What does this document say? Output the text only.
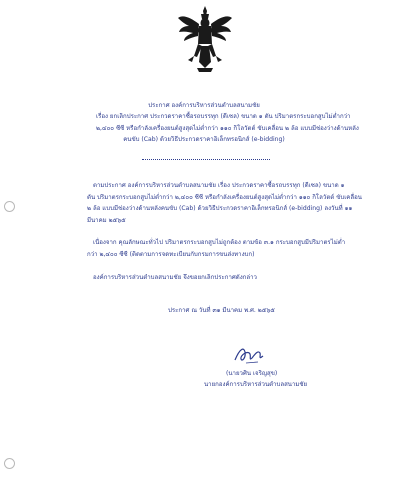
ประกาศ องค์การบริหารส่วนตำบลสนามชัย
เรื่อง ยกเลิกประกาศ ประกวดราคาซื้อรถบรรทุก (ดีเซล) ขนาด ๑ ตัน ปริมาตรกระบอกสูบไม่ต่ำกว่า
๒,๔๐๐ ซีซี หรือกำลังเครื่องยนต์สูงสุดไม่ต่ำกว่า ๑๑๐ กิโลวัตต์ ขับเคลื่อน ๒ ล้อ แบบมีช่องว่างด้านหลัง
คนขับ (Cab) ด้วยวิธีประกวดราคาอิเล็กทรอนิกส์ (e-bidding)
ตามประกาศ องค์การบริหารส่วนตำบลสนามชัย เรื่อง ประกวดราคาซื้อรถบรรทุก (ดีเซล) ขนาด ๑
ตัน ปริมาตรกระบอกสูบไม่ต่ำกว่า ๒,๔๐๐ ซีซี หรือกำลังเครื่องยนต์สูงสุดไม่ต่ำกว่า ๑๑๐ กิโลวัตต์ ขับเคลื่อน
๒ ล้อ แบบมีช่องว่างด้านหลังคนขับ (Cab) ด้วยวิธีประกวดราคาอิเล็กทรอนิกส์ (e-bidding) ลงวันที่ ๑๑
มีนาคม ๒๕๖๕
เนื่องจาก คุณลักษณะทั่วไป ปริมาตรกระบอกสูบไม่ถูกต้อง ตามข้อ ๓.๑ กระบอกสูบมีปริมาตรไม่ต่ำ
กว่า ๒,๔๐๐ ซีซี (ติดตามการจดทะเบียนกับกรมการขนส่งทางบก)
องค์การบริหารส่วนตำบลสนามชัย จึงขอยกเลิกประกาศดังกล่าว
ประกาศ ณ วันที่ ๓๑ มีนาคม พ.ศ. ๒๕๖๕
(นายวศิน เจริญสุข)
นายกองค์การบริหารส่วนตำบลสนามชัย
